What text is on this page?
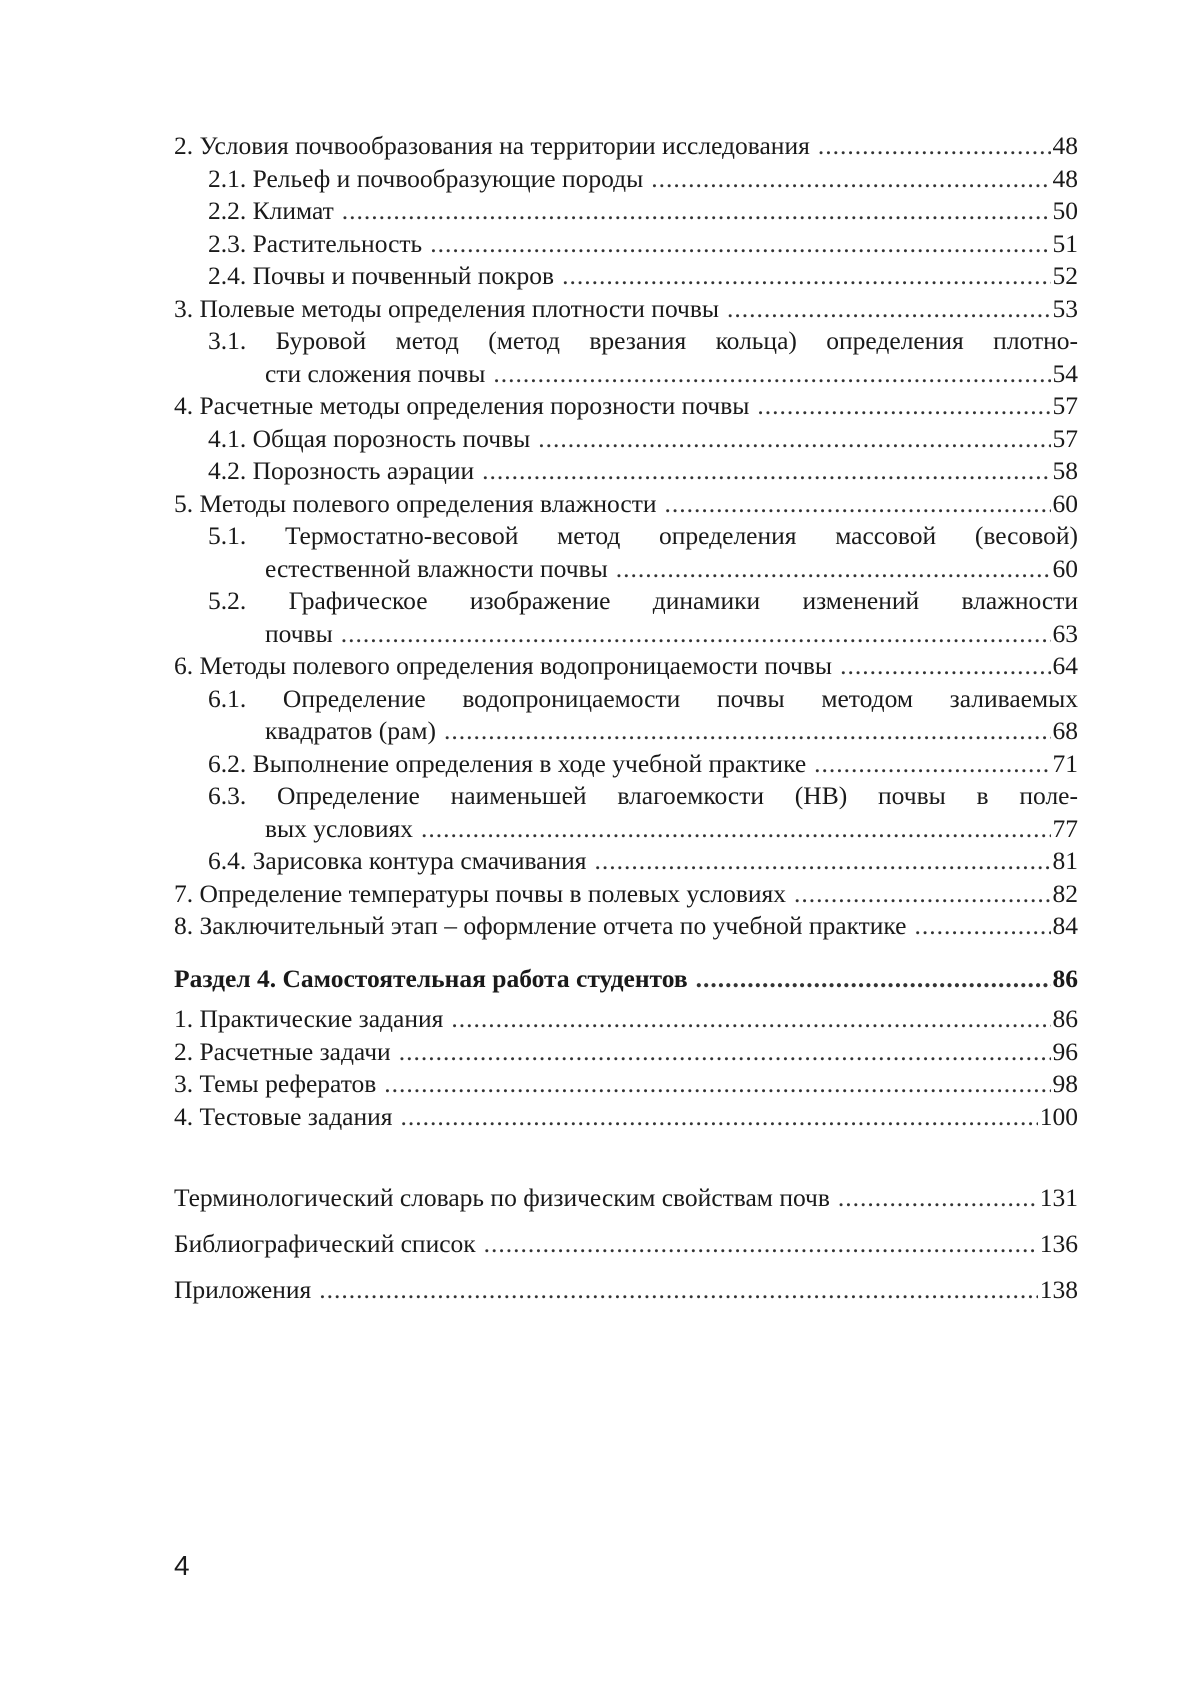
2. Условия почвообразования на территории исследования .....	48
2.1. Рельеф и почвообразующие породы .....	48
2.2. Климат .....	50
2.3. Растительность .....	51
2.4. Почвы и почвенный покров .....	52
3. Полевые методы определения плотности почвы .....	53
3.1. Буровой метод (метод врезания кольца) определения плотно-
сти сложения почвы .....	54
4. Расчетные методы определения порозности почвы .....	57
4.1. Общая порозность почвы .....	57
4.2. Порозность аэрации .....	58
5. Методы полевого определения влажности .....	60
5.1. Термостатно-весовой метод определения массовой (весовой)
естественной влажности почвы .....	60
5.2. Графическое изображение динамики изменений влажности
почвы .....	63
6. Методы полевого определения водопроницаемости почвы .....	64
6.1. Определение водопроницаемости почвы методом заливаемых
квадратов (рам) .....	68
6.2. Выполнение определения в ходе учебной практике .....	71
6.3. Определение наименьшей влагоемкости (НВ) почвы в поле-
вых условиях .....	77
6.4. Зарисовка контура смачивания .....	81
7. Определение температуры почвы в полевых условиях .....	82
8. Заключительный этап – оформление отчета по учебной практике .....	84
Раздел 4. Самостоятельная работа студентов .....	86
1. Практические задания .....	86
2. Расчетные задачи .....	96
3. Темы рефератов .....	98
4. Тестовые задания .....	100
Терминологический словарь по физическим свойствам почв .....	131
Библиографический список .....	136
Приложения .....	138
4
